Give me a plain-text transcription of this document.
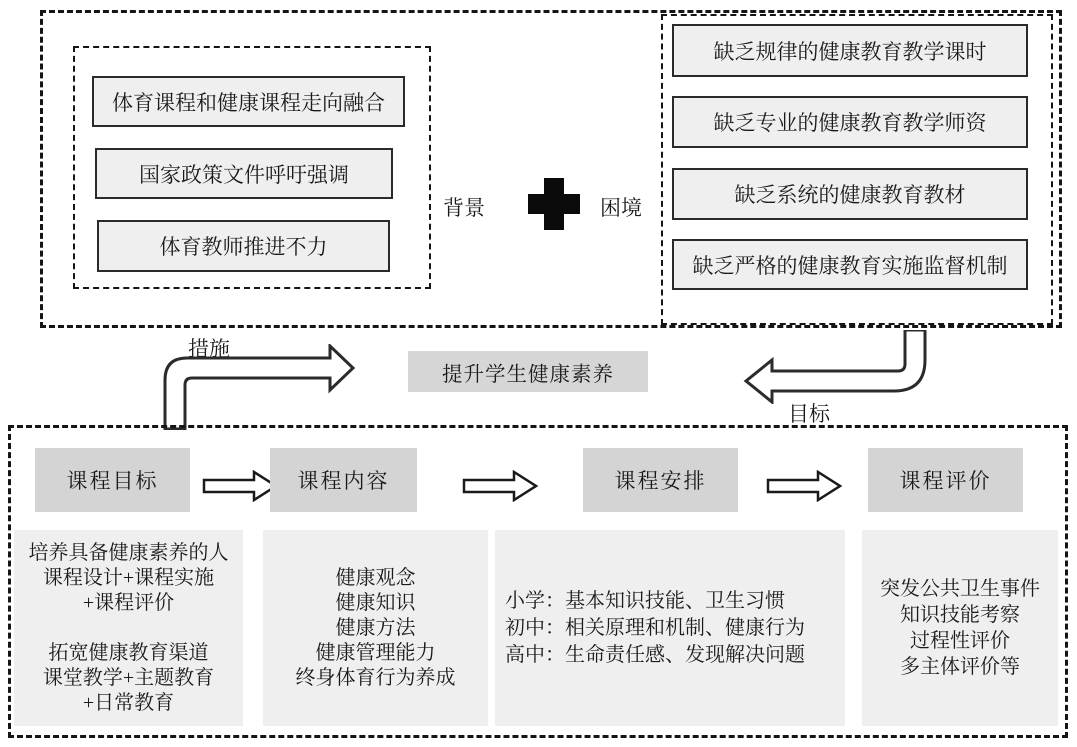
体育课程和健康课程走向融合
国家政策文件呼吁强调
体育教师推进不力
背景	困境
缺乏规律的健康教育教学课时
缺乏专业的健康教育教学师资
缺乏系统的健康教育教材
缺乏严格的健康教育实施监督机制
措施
提升学生健康素养
目标
课程目标	课程内容	课程安排	课程评价
培养具备健康素养的人
课程设计+课程实施
+课程评价
拓宽健康教育渠道
课堂教学+主题教育
+日常教育
健康观念
健康知识
健康方法
健康管理能力
终身体育行为养成
小学：基本知识技能、卫生习惯
初中：相关原理和机制、健康行为
高中：生命责任感、发现解决问题
突发公共卫生事件
知识技能考察
过程性评价
多主体评价等
